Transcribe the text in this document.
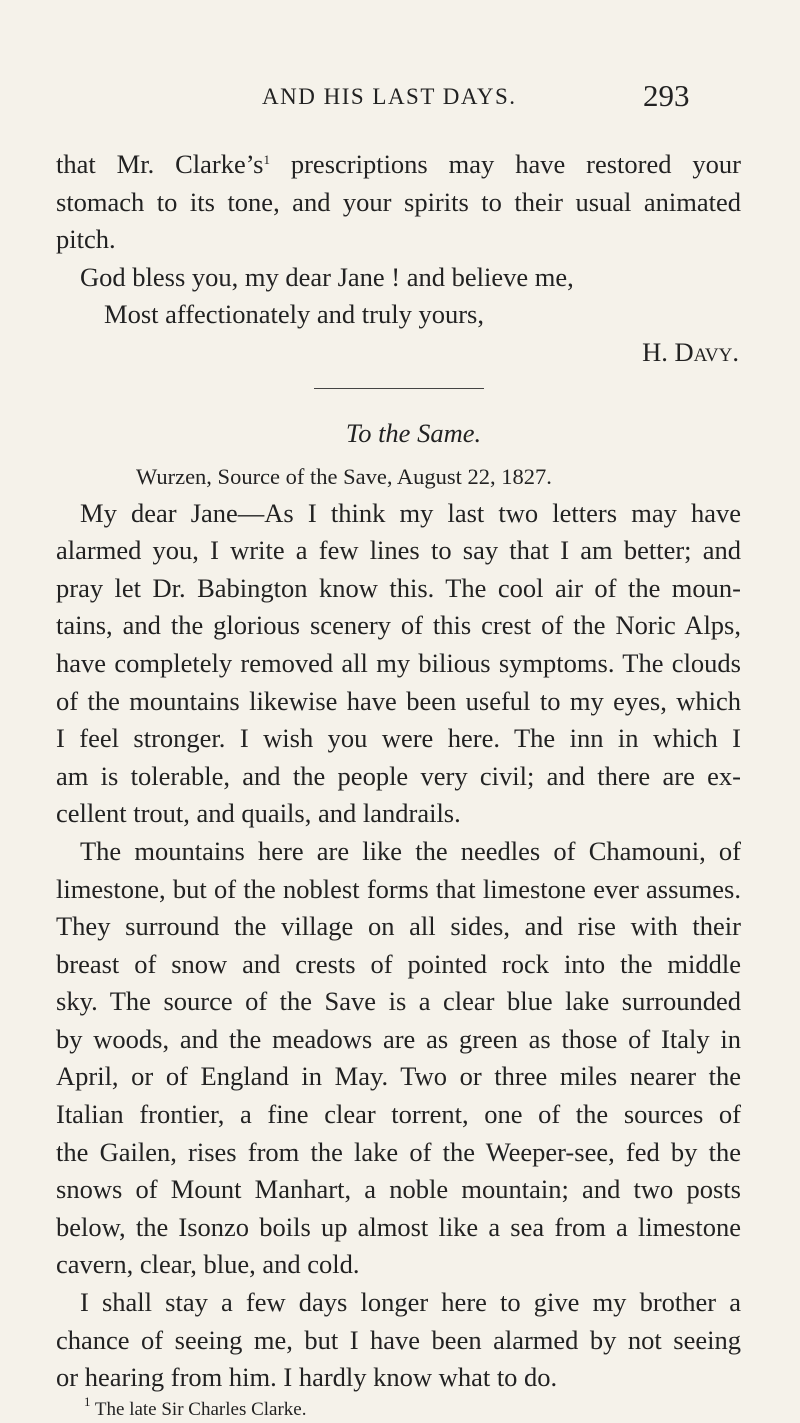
AND HIS LAST DAYS.	293
that Mr. $Clarke’s^1$ prescriptions may have restored your
stomach to its tone, and your spirits to their usual animated
pitch.
God bless you, my dear Jane ! and believe me,
Most affectionately and truly yours,
H. Davy.
To the Same.
Wurzen, Source of the Save, August 22, 1827.
My dear Jane—As I think my last two letters may have
alarmed you, I write a few lines to say that I am better; and
pray let Dr. Babington know this. The cool air of the moun-
tains, and the glorious scenery of this crest of the Noric Alps,
have completely removed all my bilious symptoms. The clouds
of the mountains likewise have been useful to my eyes, which
I feel stronger. I wish you were here. The inn in which I
am is tolerable, and the people very civil; and there are ex-
cellent trout, and quails, and landrails.
The mountains here are like the needles of Chamouni, of
limestone, but of the noblest forms that limestone ever assumes.
They surround the village on all sides, and rise with their
breast of snow and crests of pointed rock into the middle
sky. The source of the Save is a clear blue lake surrounded
by woods, and the meadows are as green as those of Italy in
April, or of England in May. Two or three miles nearer the
Italian frontier, a fine clear torrent, one of the sources of
the Gailen, rises from the lake of the Weeper-see, fed by the
snows of Mount Manhart, a noble mountain; and two posts
below, the Isonzo boils up almost like a sea from a limestone
cavern, clear, blue, and cold.
I shall stay a few days longer here to give my brother a
chance of seeing me, but I have been alarmed by not seeing
or hearing from him. I hardly know what to do.
$^1$ The late Sir Charles Clarke.
